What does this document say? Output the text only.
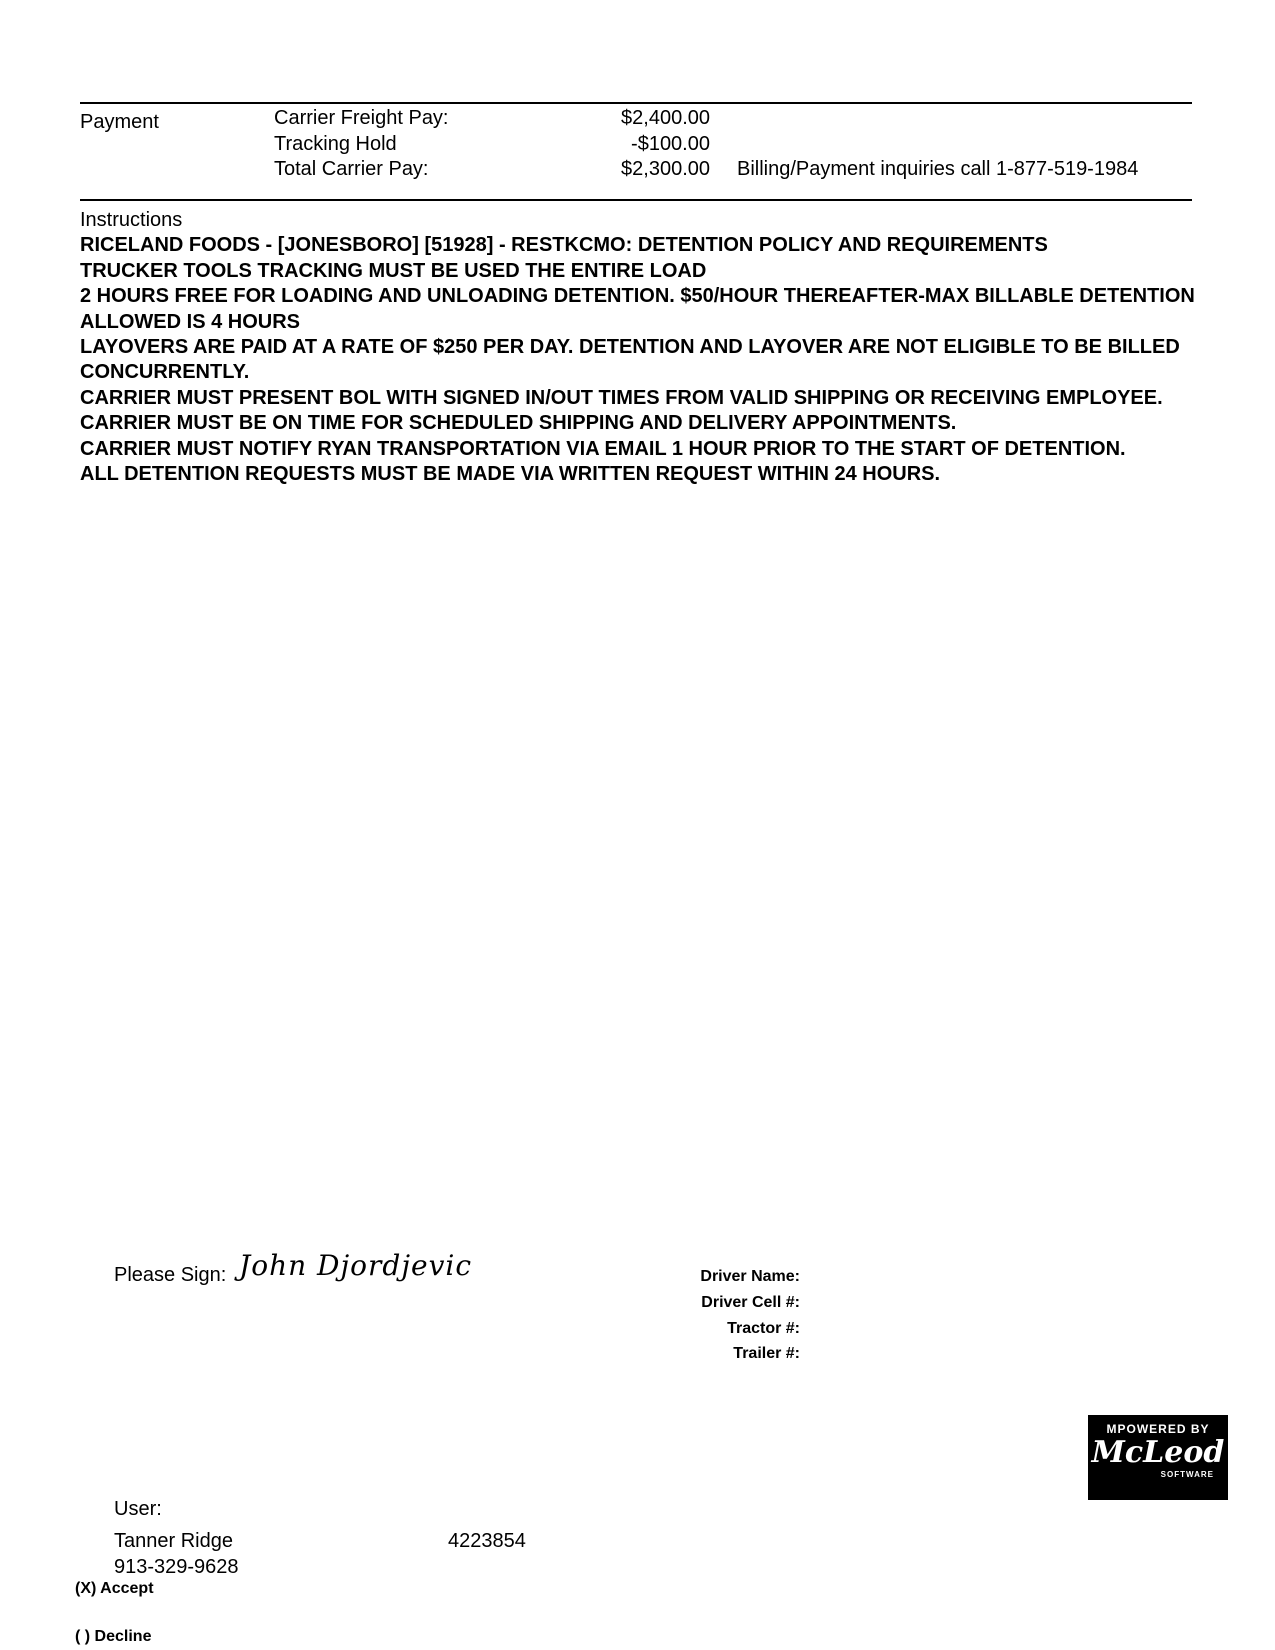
Payment	Carrier Freight Pay:	$2,400.00
Tracking Hold	-$100.00
Total Carrier Pay:	$2,300.00 Billing/Payment inquiries call 1-877-519-1984
Instructions
RICELAND FOODS - [JONESBORO] [51928] - RESTKCMO: DETENTION POLICY AND REQUIREMENTS
TRUCKER TOOLS TRACKING MUST BE USED THE ENTIRE LOAD
2 HOURS FREE FOR LOADING AND UNLOADING DETENTION. $50/HOUR THEREAFTER-MAX BILLABLE DETENTION ALLOWED IS 4 HOURS
LAYOVERS ARE PAID AT A RATE OF $250 PER DAY. DETENTION AND LAYOVER ARE NOT ELIGIBLE TO BE BILLED CONCURRENTLY.
CARRIER MUST PRESENT BOL WITH SIGNED IN/OUT TIMES FROM VALID SHIPPING OR RECEIVING EMPLOYEE.
CARRIER MUST BE ON TIME FOR SCHEDULED SHIPPING AND DELIVERY APPOINTMENTS.
CARRIER MUST NOTIFY RYAN TRANSPORTATION VIA EMAIL 1 HOUR PRIOR TO THE START OF DETENTION.
ALL DETENTION REQUESTS MUST BE MADE VIA WRITTEN REQUEST WITHIN 24 HOURS.
Please Sign: John Djordjevic	Driver Name:
Driver Cell #:
Tractor #:
Trailer #:
MPOWERED BY
McLeod
SOFTWARE
User:
Tanner Ridge	4223854
913-329-9628
(X) Accept
( ) Decline
